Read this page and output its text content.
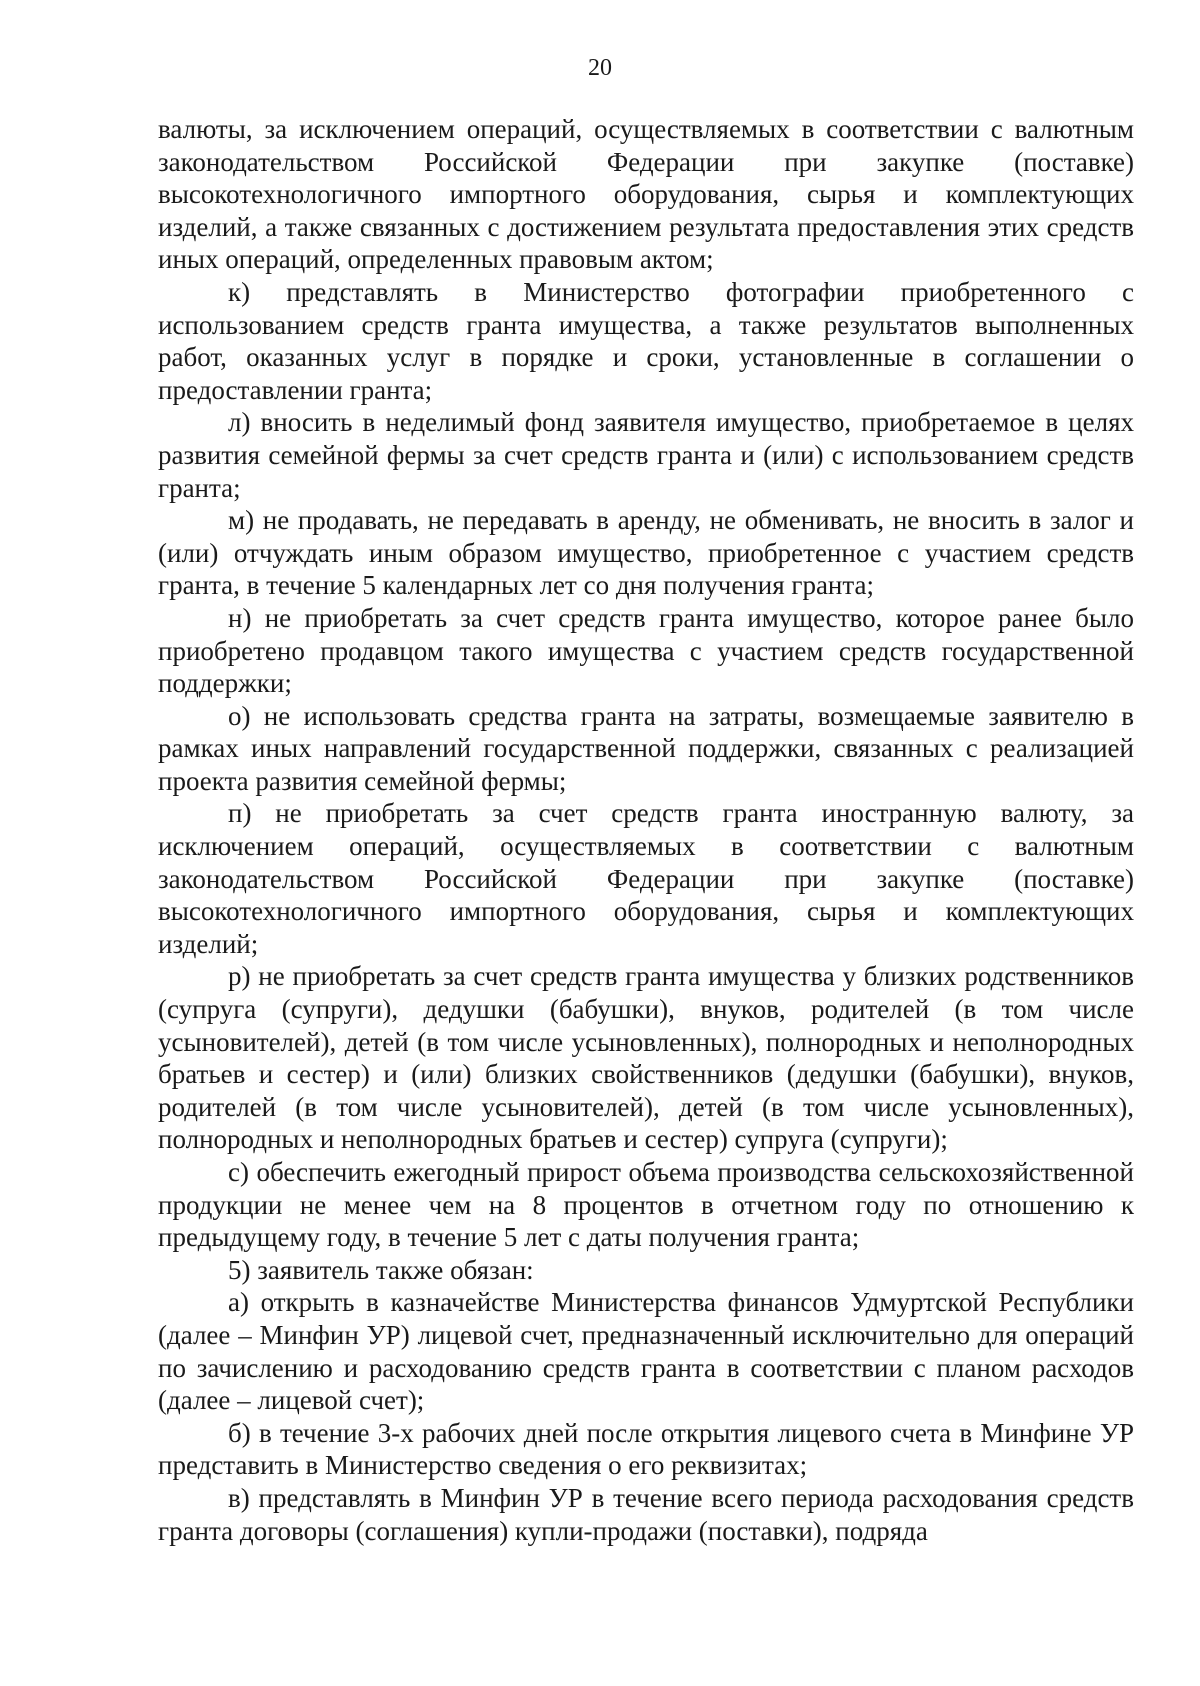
20

валюты, за исключением операций, осуществляемых в соответствии с валютным законодательством Российской Федерации при закупке (поставке) высокотехнологичного импортного оборудования, сырья и комплектующих изделий, а также связанных с достижением результата предоставления этих средств иных операций, определенных правовым актом;

к) представлять в Министерство фотографии приобретенного с использованием средств гранта имущества, а также результатов выполненных работ, оказанных услуг в порядке и сроки, установленные в соглашении о предоставлении гранта;

л) вносить в неделимый фонд заявителя имущество, приобретаемое в целях развития семейной фермы за счет средств гранта и (или) с использованием средств гранта;

м) не продавать, не передавать в аренду, не обменивать, не вносить в залог и (или) отчуждать иным образом имущество, приобретенное с участием средств гранта, в течение 5 календарных лет со дня получения гранта;

н) не приобретать за счет средств гранта имущество, которое ранее было приобретено продавцом такого имущества с участием средств государственной поддержки;

о) не использовать средства гранта на затраты, возмещаемые заявителю в рамках иных направлений государственной поддержки, связанных с реализацией проекта развития семейной фермы;

п) не приобретать за счет средств гранта иностранную валюту, за исключением операций, осуществляемых в соответствии с валютным законодательством Российской Федерации при закупке (поставке) высокотехнологичного импортного оборудования, сырья и комплектующих изделий;

р) не приобретать за счет средств гранта имущества у близких родственников (супруга (супруги), дедушки (бабушки), внуков, родителей (в том числе усыновителей), детей (в том числе усыновленных), полнородных и неполнородных братьев и сестер) и (или) близких свойственников (дедушки (бабушки), внуков, родителей (в том числе усыновителей), детей (в том числе усыновленных), полнородных и неполнородных братьев и сестер) супруга (супруги);

с) обеспечить ежегодный прирост объема производства сельскохозяйственной продукции не менее чем на 8 процентов в отчетном году по отношению к предыдущему году, в течение 5 лет с даты получения гранта;

5) заявитель также обязан:

а) открыть в казначействе Министерства финансов Удмуртской Республики (далее – Минфин УР) лицевой счет, предназначенный исключительно для операций по зачислению и расходованию средств гранта в соответствии с планом расходов (далее – лицевой счет);

б) в течение 3-х рабочих дней после открытия лицевого счета в Минфине УР представить в Министерство сведения о его реквизитах;

в) представлять в Минфин УР в течение всего периода расходования средств гранта договоры (соглашения) купли-продажи (поставки), подряда
